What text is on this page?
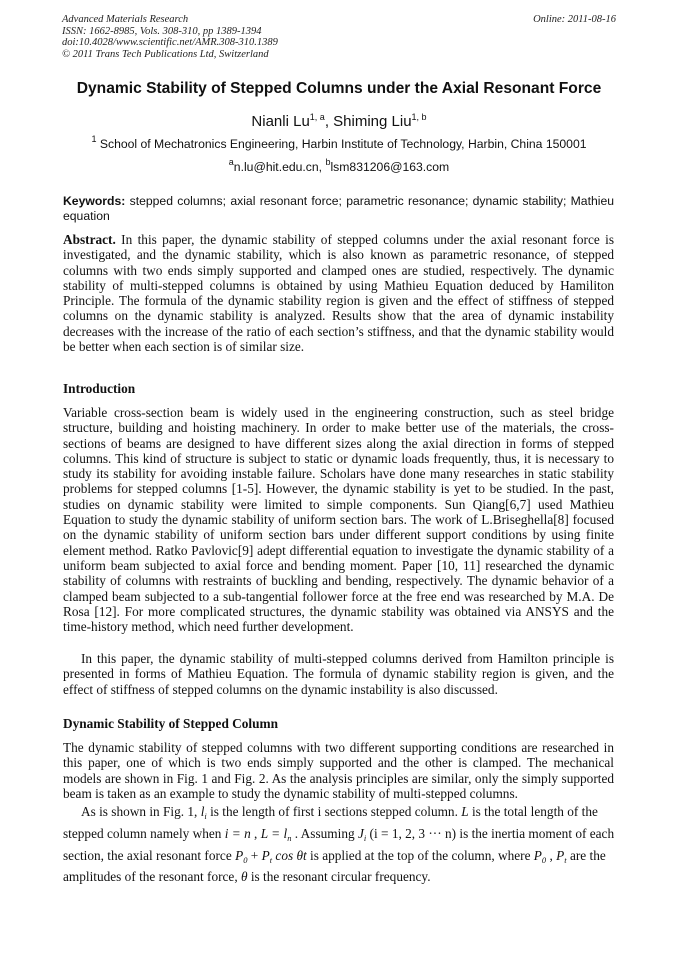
Advanced Materials Research
ISSN: 1662-8985, Vols. 308-310, pp 1389-1394
doi:10.4028/www.scientific.net/AMR.308-310.1389
© 2011 Trans Tech Publications Ltd, Switzerland
Online: 2011-08-16
Dynamic Stability of Stepped Columns under the Axial Resonant Force
Nianli Lu$^{1, a}$, Shiming Liu$^{1, b}$
$^1$ School of Mechatronics Engineering, Harbin Institute of Technology, Harbin, China 150001
$^a$n.lu@hit.edu.cn, $^b$lsm831206@163.com
Keywords: stepped columns; axial resonant force; parametric resonance; dynamic stability; Mathieu equation
Abstract. In this paper, the dynamic stability of stepped columns under the axial resonant force is investigated, and the dynamic stability, which is also known as parametric resonance, of stepped columns with two ends simply supported and clamped ones are studied, respectively. The dynamic stability of multi-stepped columns is obtained by using Mathieu Equation deduced by Hamiliton Principle. The formula of the dynamic stability region is given and the effect of stiffness of stepped columns on the dynamic stability is analyzed. Results show that the area of dynamic instability decreases with the increase of the ratio of each section’s stiffness, and that the dynamic stability would be better when each section is of similar size.
Introduction
Variable cross-section beam is widely used in the engineering construction, such as steel bridge structure, building and hoisting machinery. In order to make better use of the materials, the cross-sections of beams are designed to have different sizes along the axial direction in forms of stepped columns. This kind of structure is subject to static or dynamic loads frequently, thus, it is necessary to study its stability for avoiding instable failure. Scholars have done many researches in static stability problems for stepped columns [1-5]. However, the dynamic stability is yet to be studied. In the past, studies on dynamic stability were limited to simple components. Sun Qiang[6,7] used Mathieu Equation to study the dynamic stability of uniform section bars. The work of L.Briseghella[8] focused on the dynamic stability of uniform section bars under different support conditions by using finite element method. Ratko Pavlovic[9] adept differential equation to investigate the dynamic stability of a uniform beam subjected to axial force and bending moment. Paper [10, 11] researched the dynamic stability of columns with restraints of buckling and bending, respectively. The dynamic behavior of a clamped beam subjected to a sub-tangential follower force at the free end was researched by M.A. De Rosa [12]. For more complicated structures, the dynamic stability was obtained via ANSYS and the time-history method, which need further development.
In this paper, the dynamic stability of multi-stepped columns derived from Hamilton principle is presented in forms of Mathieu Equation. The formula of dynamic stability region is given, and the effect of stiffness of stepped columns on the dynamic instability is also discussed.
Dynamic Stability of Stepped Column
The dynamic stability of stepped columns with two different supporting conditions are researched in this paper, one of which is two ends simply supported and the other is clamped. The mechanical models are shown in Fig. 1 and Fig. 2. As the analysis principles are similar, only the simply supported beam is taken as an example to study the dynamic stability of multi-stepped columns.
As is shown in Fig. 1, $l_i$ is the length of first i sections stepped column. L is the total length of the
stepped column namely when i = n , $L = l_n$ . Assuming $J_i$ (i = 1, 2, 3 ··· n) is the inertia moment of each
section, the axial resonant force $P_0 + P_t$ cos θt is applied at the top of the column, where $P_0$ , $P_t$ are the
amplitudes of the resonant force, θ is the resonant circular frequency.
